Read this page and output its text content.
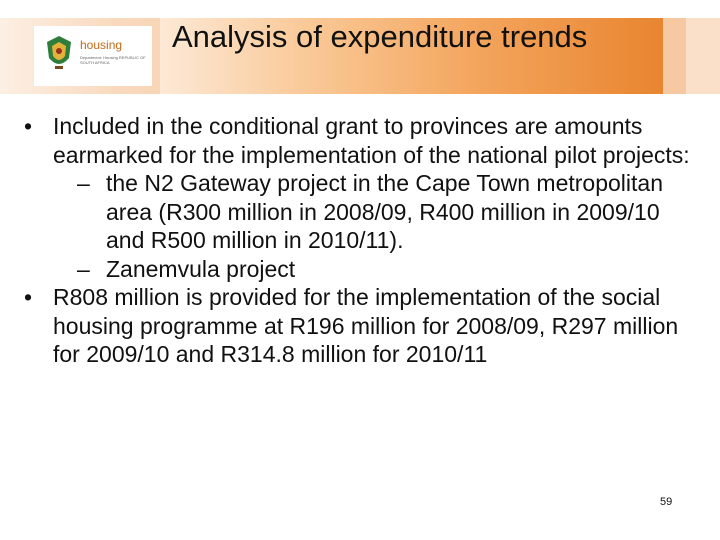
housing
Department: Housing REPUBLIC OF SOUTH AFRICA
Analysis of expenditure trends

• Included in the conditional grant to provinces are amounts earmarked for the implementation of the national pilot projects:

– the N2 Gateway project in the Cape Town metropolitan area (R300 million in 2008/09, R400 million in 2009/10 and R500 million in 2010/11).

– Zanemvula project

• R808 million is provided for the implementation of the social housing programme at R196 million for 2008/09, R297 million for 2009/10 and R314.8 million for 2010/11

59
